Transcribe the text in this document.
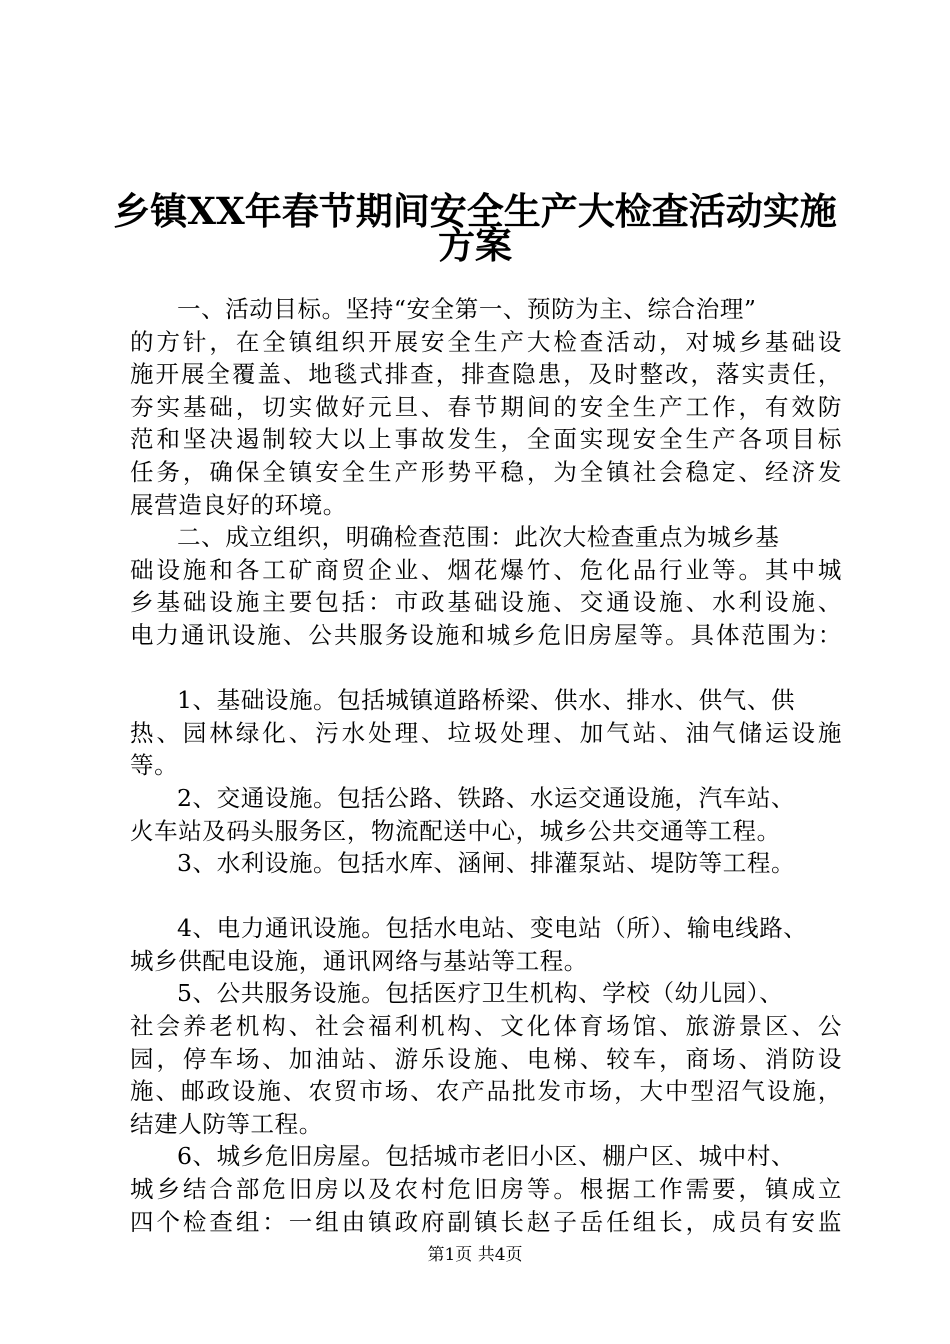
乡镇XX年春节期间安全生产大检查活动实施
方案
一、活动目标。坚持“安全第一、预防为主、综合治理”
的方针，在全镇组织开展安全生产大检查活动，对城乡基础设
施开展全覆盖、地毯式排查，排查隐患，及时整改，落实责任，
夯实基础，切实做好元旦、春节期间的安全生产工作，有效防
范和坚决遏制较大以上事故发生，全面实现安全生产各项目标
任务，确保全镇安全生产形势平稳，为全镇社会稳定、经济发
展营造良好的环境。
二、成立组织，明确检查范围：此次大检查重点为城乡基
础设施和各工矿商贸企业、烟花爆竹、危化品行业等。其中城
乡基础设施主要包括：市政基础设施、交通设施、水利设施、
电力通讯设施、公共服务设施和城乡危旧房屋等。具体范围为：
1、基础设施。包括城镇道路桥梁、供水、排水、供气、供
热、园林绿化、污水处理、垃圾处理、加气站、油气储运设施
等。
2、交通设施。包括公路、铁路、水运交通设施，汽车站、
火车站及码头服务区，物流配送中心，城乡公共交通等工程。
3、水利设施。包括水库、涵闸、排灌泵站、堤防等工程。
4、电力通讯设施。包括水电站、变电站（所）、输电线路、
城乡供配电设施，通讯网络与基站等工程。
5、公共服务设施。包括医疗卫生机构、学校（幼儿园）、
社会养老机构、社会福利机构、文化体育场馆、旅游景区、公
园，停车场、加油站、游乐设施、电梯、较车，商场、消防设
施、邮政设施、农贸市场、农产品批发市场，大中型沼气设施，
结建人防等工程。
6、城乡危旧房屋。包括城市老旧小区、棚户区、城中村、
城乡结合部危旧房以及农村危旧房等。根据工作需要，镇成立
四个检查组：一组由镇政府副镇长赵子岳任组长，成员有安监
第1页 共4页
